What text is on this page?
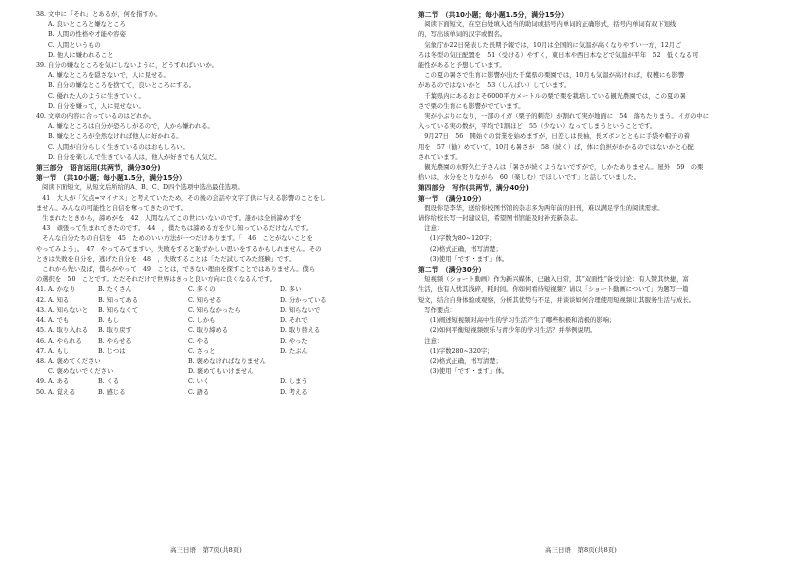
38. 文中に「それ」とあるが，何を指すか。
A. 良いところと嫌なところ
B. 人間の性格や才能や容姿
C. 人間というもの
D. 他人に嫌われること
39. 自分の嫌なところを気にしないように，どうすればいいか。
A. 嫌なところを隠さないで，人に見せる。
B. 自分の嫌なところを捨てて，良いところにする。
C. 優れた人のように生きていく。
D. 自分を嫌って，人に見せない。
40. 文章の内容に合っているのはどれか。
A. 嫌なところは自分が恐ろしがるので，人から嫌われる。
B. 嫌なところが全然なければ他人に好かれる。
C. 人間が自分らしく生きているのはおもしろい。
D. 自分を楽しんで生きている人は，他人が好きでも人気だ。
第三部分　语言运用(共两节，满分30分)
第一节　（共10小题；每小题1.5分，满分15分）
阅读下面短文，从短文后所给的A、B、C、D四个选项中选出最佳选项。
　41　大人が「欠点=マイナス」と考えていたため，その後の会話や文字了供に与える影響のことをし
ません。みんなの可能性と自信を奪ってきたのです。
　生まれたときから，諦めがを　42　人間なんてこの世にいないのです。誰かは全員諦めずを
　43　頑張って生まれてきたのです。　44　，僕たちは諦める方を少し知っているだけなんです。
　そんな自分たちの自信を　45　ためのいい方法が一つだけあります。「　46　ことがないことを
やってみよう」。　47　やってみてますい，失敗をすると恥ずかしい思いをするかもしれません。その
ときは失敗を自分を，逃げた自分を　48　，失敗することは「ただ試してみた経験」です。
　これから先い及ば，僕らがやって　49　ことは，できない理由を探すことではありません。僕ら
の選択を　50　ことです。ただそれだけで世界はきっと良い方向に良くなるんです。
41. A. かなり	B. たくさん	C. 多くの	D. 多い
42. A. 知る	B. 知ってある	C. 知らせる	D. 分かっている
43. A. 知らないと	B. 知らなくて	C. 知らなかったら	D. 知らないで
44. A. でも	B. もし	C. しかも	D. それで
45. A. 取り入れる	B. 取り戻す	C. 取り締める	D. 取り替える
46. A. やられる	B. やらせる	C. やる	D. やった
47. A. もし	B. じつは	C. さっと	D. たぶん
48. A. 褒めてください	B. 褒めなければなりません
C. 褒めないでください	D. 褒めてもいけません
49. A. ある	B. くる	C. いく	D. しまう
50. A. 覚える	B. 感じる	C. 語る	D. 考える
第二节　（共10小题；每小题1.5分，满分15分）
　阅读下面短文，在空白处填入适当的助词或括号内单词的正确形式，括号内单词有双下划线
的，写出该单词的汉字或假名。
　気象庁か22日発表した長期予報では，10月は全国的に気温が高くなりやすい一方，12月ご
ろは冬型の気圧配置を　51（受ける）やすく，東日本や西日本などで気温が平年　52　低くなる可
能性があると予想しています。
　この夏の暑さで生育に影響が出た千葉県の栗園では，10月も気温が高ければ，収穫にも影響
があるのではないかと　53（しんぱい）しています。
　千葉県内にあるおよそ6000平方メートルの栗で栗を栽培している観光農園では，この夏の暑
さで栗の生育にも影響がでています。
　実が小ぶりになり，一部のイガ（栗子的刺壳）が割れて実が地面に　54　落ちたりまう。イガの中に
入っている実の数が，平均で1割ほど　55（少ない）なってしまうということです。
　9月27日　56　開始ぐの営業を始めますが，日差しは長袖，長ズボンとともに手袋や帽子の着
用を　57（勧）めていて，10月も暑さが　58（続く）ば，体に負担がかかるのではないかと心配
されています。
　観光農園の水野久仁子さんは「暑さが続くようないですがで，しかたありません。屋外　59　の栗
拾いは，水分をとりながら　60（楽しむ）でほしいです」と話していました。
第四部分　写作(共两节，满分40分)
第一节　（满分10分）
　假设你是李华，送给你校图书馆的杂志多为两年前的旧刊，难以满足学生的阅读需求。
请你给校长写一封建议信，希望图书馆能及时补充新杂志。
　注意：
(1)字数为80~120字；
(2)格式正确，书写清楚；
(3)使用「です・ます」体。
第二节　（满分30分）
　短视频（ショート動画）作为新兴媒体，已融入日常，其“双面性”备受讨论：有人赞其快捷，富
生活，也有人忧其浅碎，耗时间。你如何看待短视频？请以「ショート動画について」为题写一篇
短文，结合自身体验或观察，分析其优势与不足，并谈谈如何合理使用短视频让其服务生活与成长。
　写作要点：
(1)阐述短视频对高中生的学习生活产生了哪些积极和消极的影响；
(2)如何平衡短视频娱乐与青少年的学习生活？并举例说明。
　注意：
(1)字数280~320字；
(2)格式正确，书写清楚；
(3)使用「です・ます」体。
高三日语　第7页(共8页)	高三日语　第8页(共8页)
